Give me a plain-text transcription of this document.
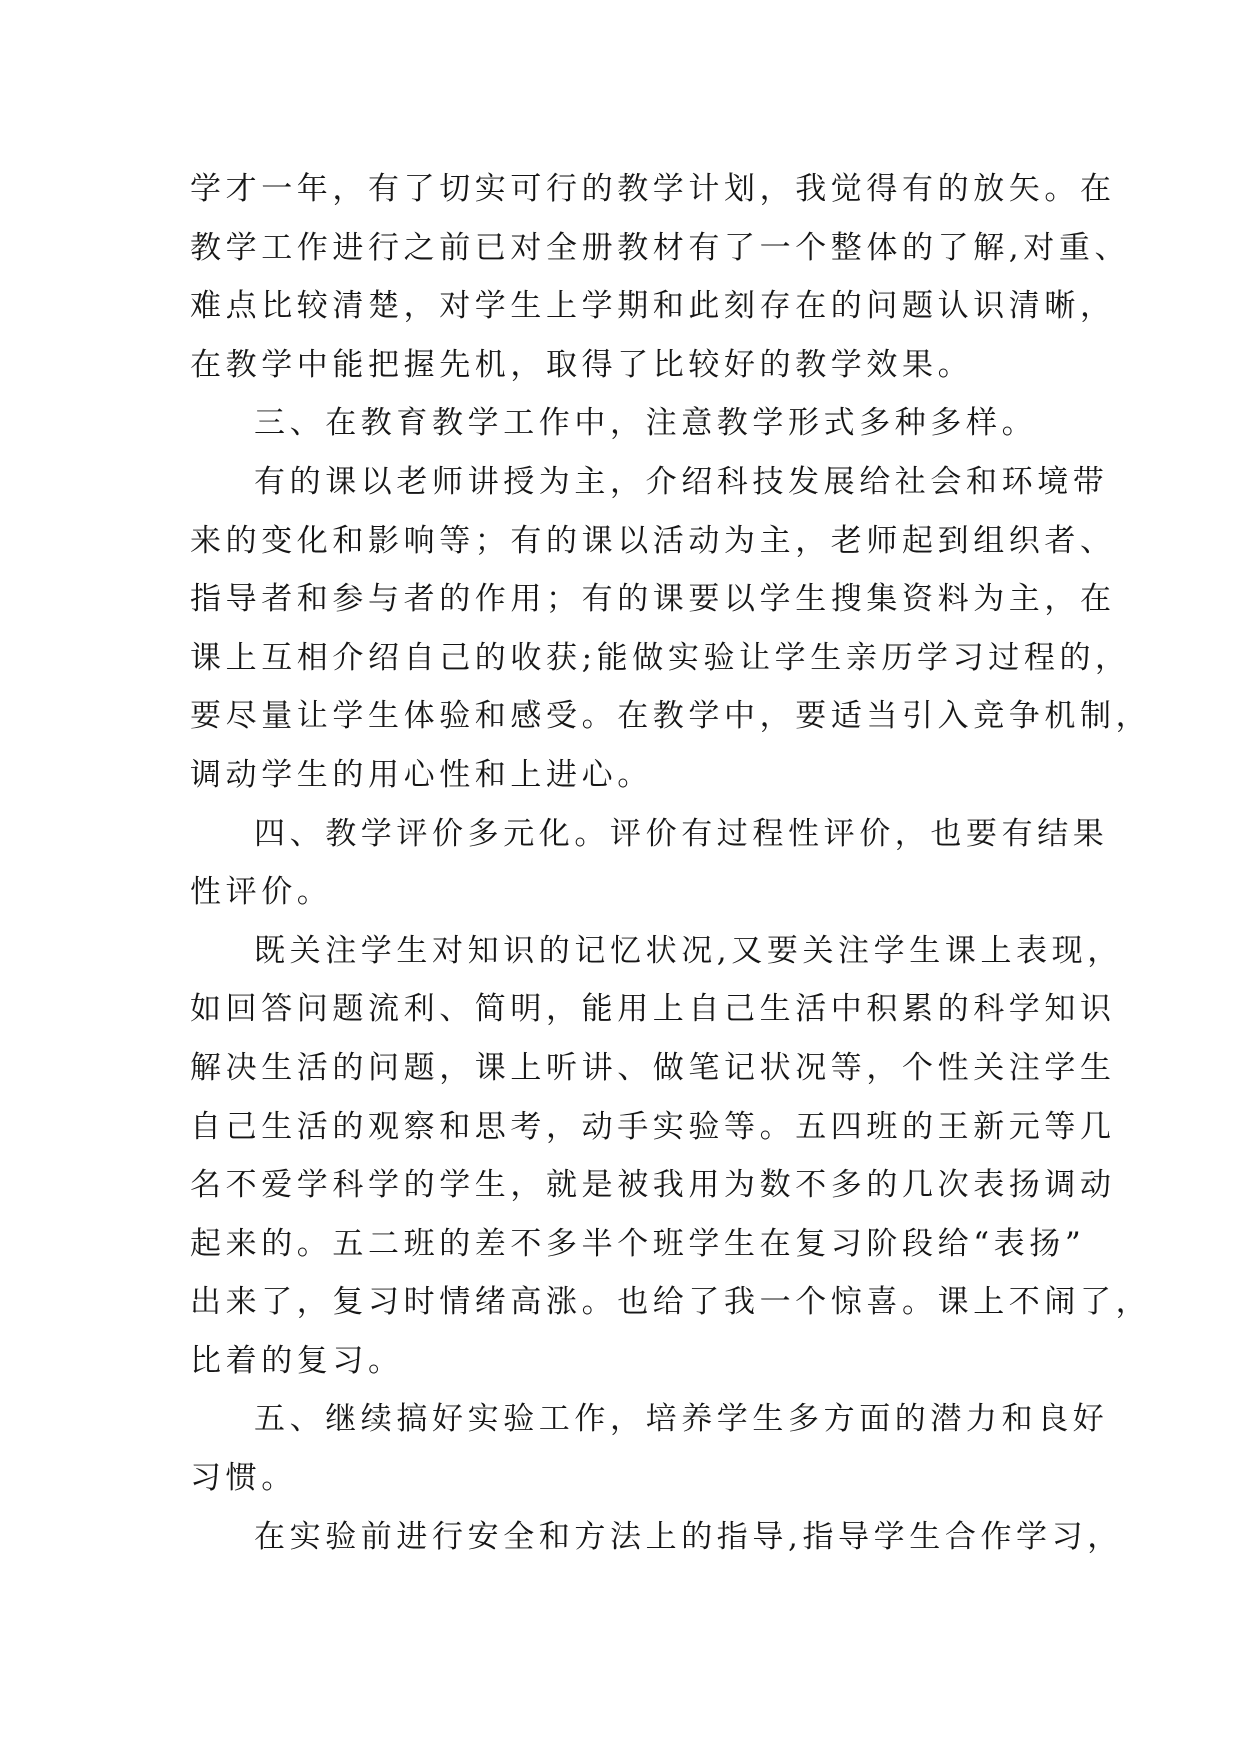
学才一年，有了切实可行的教学计划，我觉得有的放矢。在
教学工作进行之前已对全册教材有了一个整体的了解,对重、
难点比较清楚，对学生上学期和此刻存在的问题认识清晰，
在教学中能把握先机，取得了比较好的教学效果。
三、在教育教学工作中，注意教学形式多种多样。
有的课以老师讲授为主，介绍科技发展给社会和环境带
来的变化和影响等；有的课以活动为主，老师起到组织者、
指导者和参与者的作用；有的课要以学生搜集资料为主，在
课上互相介绍自己的收获;能做实验让学生亲历学习过程的，
要尽量让学生体验和感受。在教学中，要适当引入竞争机制，
调动学生的用心性和上进心。
四、教学评价多元化。评价有过程性评价，也要有结果
性评价。
既关注学生对知识的记忆状况,又要关注学生课上表现，
如回答问题流利、简明，能用上自己生活中积累的科学知识
解决生活的问题，课上听讲、做笔记状况等，个性关注学生
自己生活的观察和思考，动手实验等。五四班的王新元等几
名不爱学科学的学生，就是被我用为数不多的几次表扬调动
起来的。五二班的差不多半个班学生在复习阶段给“表扬”
出来了，复习时情绪高涨。也给了我一个惊喜。课上不闹了，
比着的复习。
五、继续搞好实验工作，培养学生多方面的潜力和良好
习惯。
在实验前进行安全和方法上的指导,指导学生合作学习，
